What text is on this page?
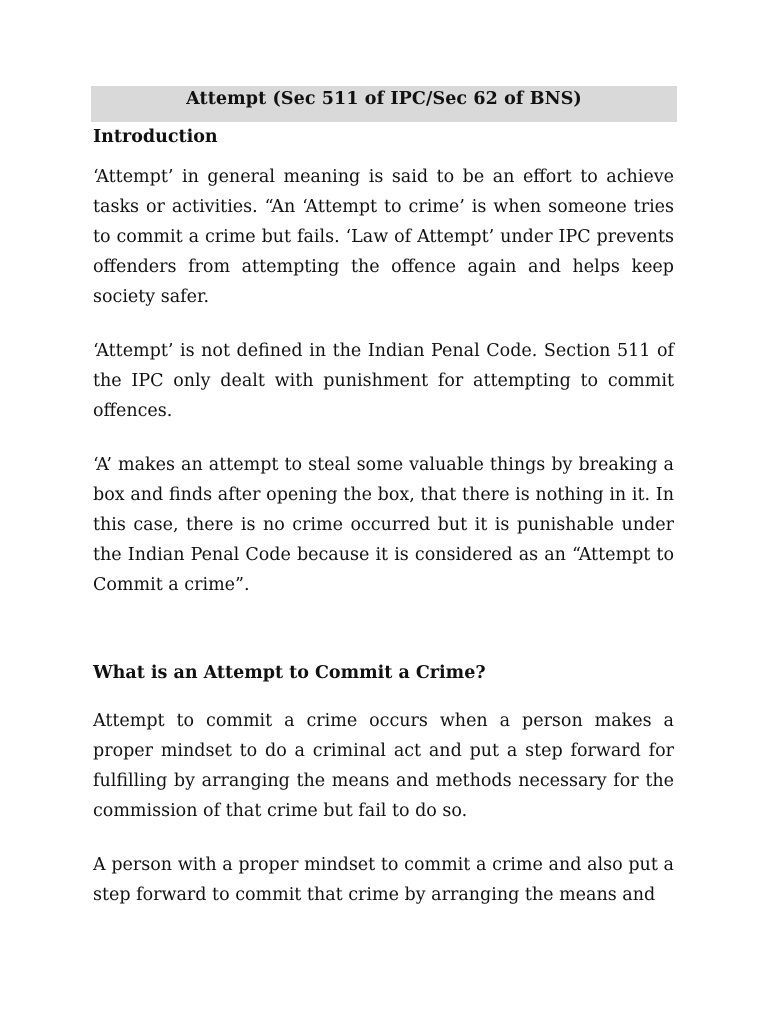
Attempt (Sec 511 of IPC/Sec 62 of BNS)
Introduction

‘Attempt’ in general meaning is said to be an effort to achieve tasks or activities. “An ‘Attempt to crime’ is when someone tries to commit a crime but fails. ‘Law of Attempt’ under IPC prevents offenders from attempting the offence again and helps keep society safer.

‘Attempt’ is not defined in the Indian Penal Code. Section 511 of the IPC only dealt with punishment for attempting to commit offences.

‘A’ makes an attempt to steal some valuable things by breaking a box and finds after opening the box, that there is nothing in it. In this case, there is no crime occurred but it is punishable under the Indian Penal Code because it is considered as an “Attempt to Commit a crime”.

What is an Attempt to Commit a Crime?

Attempt to commit a crime occurs when a person makes a proper mindset to do a criminal act and put a step forward for fulfilling by arranging the means and methods necessary for the commission of that crime but fail to do so.

A person with a proper mindset to commit a crime and also put a step forward to commit that crime by arranging the means and
